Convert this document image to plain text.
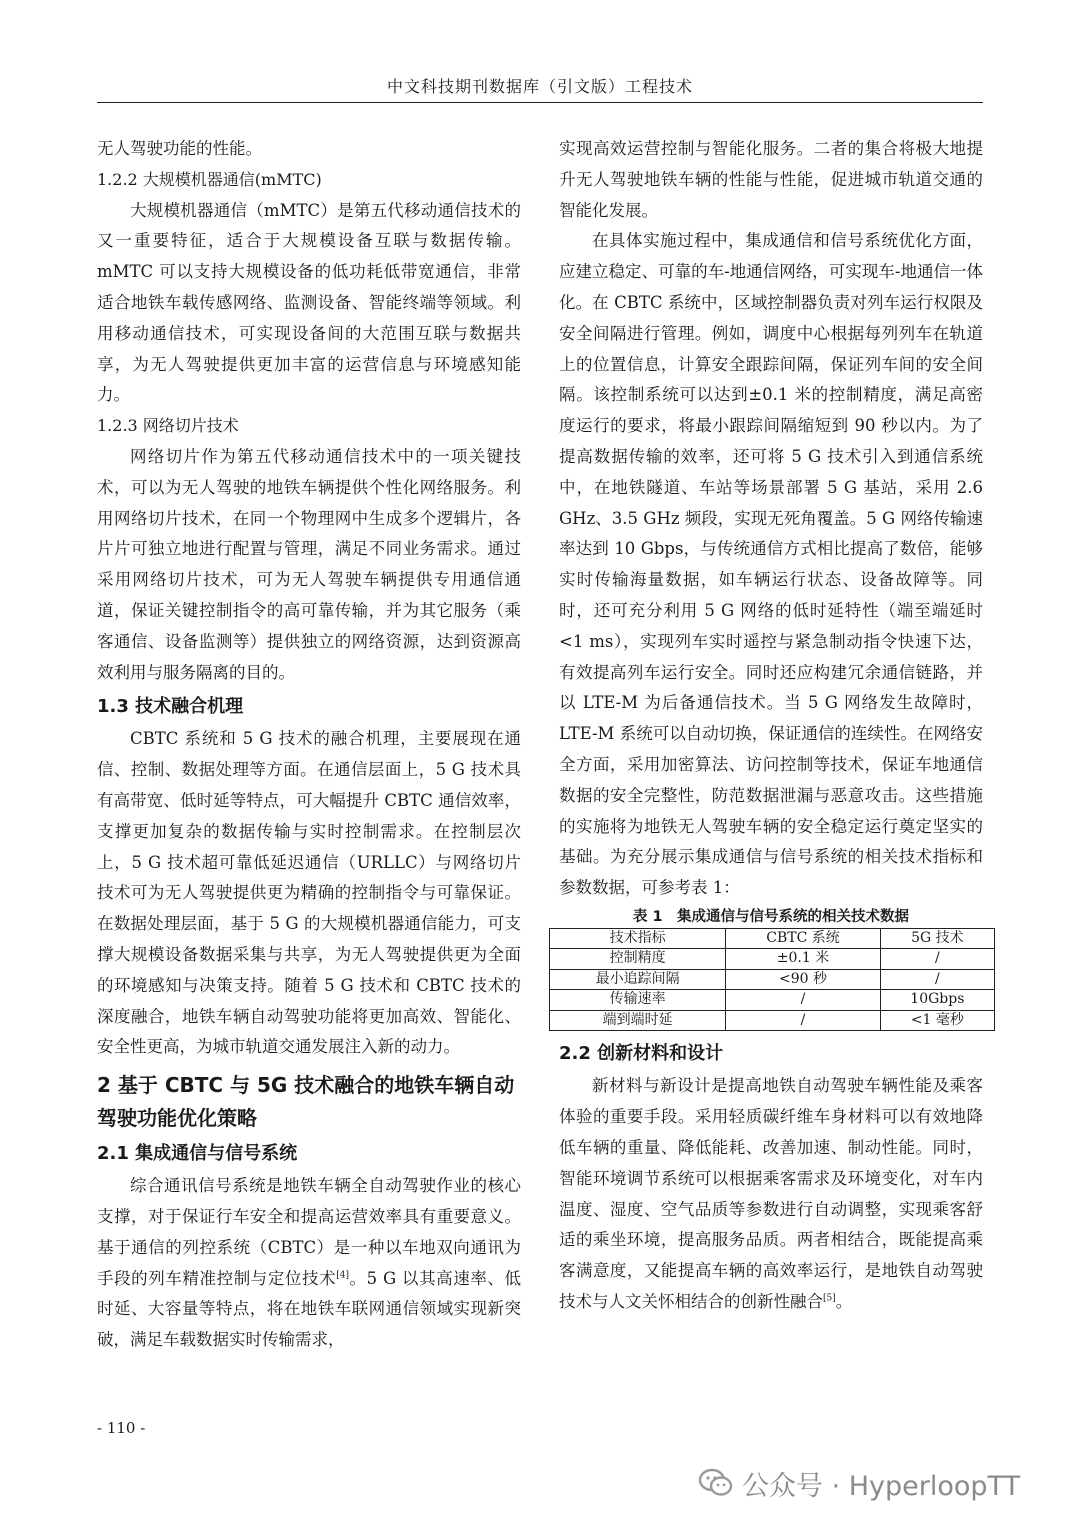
中文科技期刊数据库（引文版）工程技术

无人驾驶功能的性能。

1.2.2 大规模机器通信(mMTC)

大规模机器通信（mMTC）是第五代移动通信技术的又一重要特征，适合于大规模设备互联与数据传输。mMTC 可以支持大规模设备的低功耗低带宽通信，非常适合地铁车载传感网络、监测设备、智能终端等领域。利用移动通信技术，可实现设备间的大范围互联与数据共享，为无人驾驶提供更加丰富的运营信息与环境感知能力。

1.2.3 网络切片技术

网络切片作为第五代移动通信技术中的一项关键技术，可以为无人驾驶的地铁车辆提供个性化网络服务。利用网络切片技术，在同一个物理网中生成多个逻辑片，各片片可独立地进行配置与管理，满足不同业务需求。通过采用网络切片技术，可为无人驾驶车辆提供专用通信通道，保证关键控制指令的高可靠传输，并为其它服务（乘客通信、设备监测等）提供独立的网络资源，达到资源高效利用与服务隔离的目的。

1.3 技术融合机理

CBTC 系统和 5 G 技术的融合机理，主要展现在通信、控制、数据处理等方面。在通信层面上，5 G 技术具有高带宽、低时延等特点，可大幅提升 CBTC 通信效率，支撑更加复杂的数据传输与实时控制需求。在控制层次上，5 G 技术超可靠低延迟通信（URLLC）与网络切片技术可为无人驾驶提供更为精确的控制指令与可靠保证。在数据处理层面，基于 5 G 的大规模机器通信能力，可支撑大规模设备数据采集与共享，为无人驾驶提供更为全面的环境感知与决策支持。随着 5 G 技术和 CBTC 技术的深度融合，地铁车辆自动驾驶功能将更加高效、智能化、安全性更高，为城市轨道交通发展注入新的动力。

2 基于 CBTC 与 5G 技术融合的地铁车辆自动驾驶功能优化策略
2.1 集成通信与信号系统

综合通讯信号系统是地铁车辆全自动驾驶作业的核心支撑，对于保证行车安全和提高运营效率具有重要意义。基于通信的列控系统（CBTC）是一种以车地双向通讯为手段的列车精准控制与定位技术[4]。5 G 以其高速率、低时延、大容量等特点，将在地铁车联网通信领域实现新突破，满足车载数据实时传输需求，

实现高效运营控制与智能化服务。二者的集合将极大地提升无人驾驶地铁车辆的性能与性能，促进城市轨道交通的智能化发展。

在具体实施过程中，集成通信和信号系统优化方面，应建立稳定、可靠的车-地通信网络，可实现车-地通信一体化。在 CBTC 系统中，区域控制器负责对列车运行权限及安全间隔进行管理。例如，调度中心根据每列列车在轨道上的位置信息，计算安全跟踪间隔，保证列车间的安全间隔。该控制系统可以达到±0.1 米的控制精度，满足高密度运行的要求，将最小跟踪间隔缩短到 90 秒以内。为了提高数据传输的效率，还可将 5 G 技术引入到通信系统中，在地铁隧道、车站等场景部署 5 G 基站，采用 2.6 GHz、3.5 GHz 频段，实现无死角覆盖。5 G 网络传输速率达到 10 Gbps，与传统通信方式相比提高了数倍，能够实时传输海量数据，如车辆运行状态、设备故障等。同时，还可充分利用 5 G 网络的低时延特性（端至端延时<1 ms），实现列车实时遥控与紧急制动指令快速下达，有效提高列车运行安全。同时还应构建冗余通信链路，并以 LTE-M 为后备通信技术。当 5 G 网络发生故障时，LTE-M 系统可以自动切换，保证通信的连续性。在网络安全方面，采用加密算法、访问控制等技术，保证车地通信数据的安全完整性，防范数据泄漏与恶意攻击。这些措施的实施将为地铁无人驾驶车辆的安全稳定运行奠定坚实的基础。为充分展示集成通信与信号系统的相关技术指标和参数数据，可参考表 1：

表 1　集成通信与信号系统的相关技术数据
技术指标	CBTC 系统	5G 技术
控制精度	±0.1 米	/
最小追踪间隔	<90 秒	/
传输速率	/	10Gbps
端到端时延	/	<1 毫秒
2.2 创新材料和设计

新材料与新设计是提高地铁自动驾驶车辆性能及乘客体验的重要手段。采用轻质碳纤维车身材料可以有效地降低车辆的重量、降低能耗、改善加速、制动性能。同时，智能环境调节系统可以根据乘客需求及环境变化，对车内温度、湿度、空气品质等参数进行自动调整，实现乘客舒适的乘坐环境，提高服务品质。两者相结合，既能提高乘客满意度，又能提高车辆的高效率运行，是地铁自动驾驶技术与人文关怀相结合的创新性融合[5]。

- 110 -
公众号 · HyperloopTT
